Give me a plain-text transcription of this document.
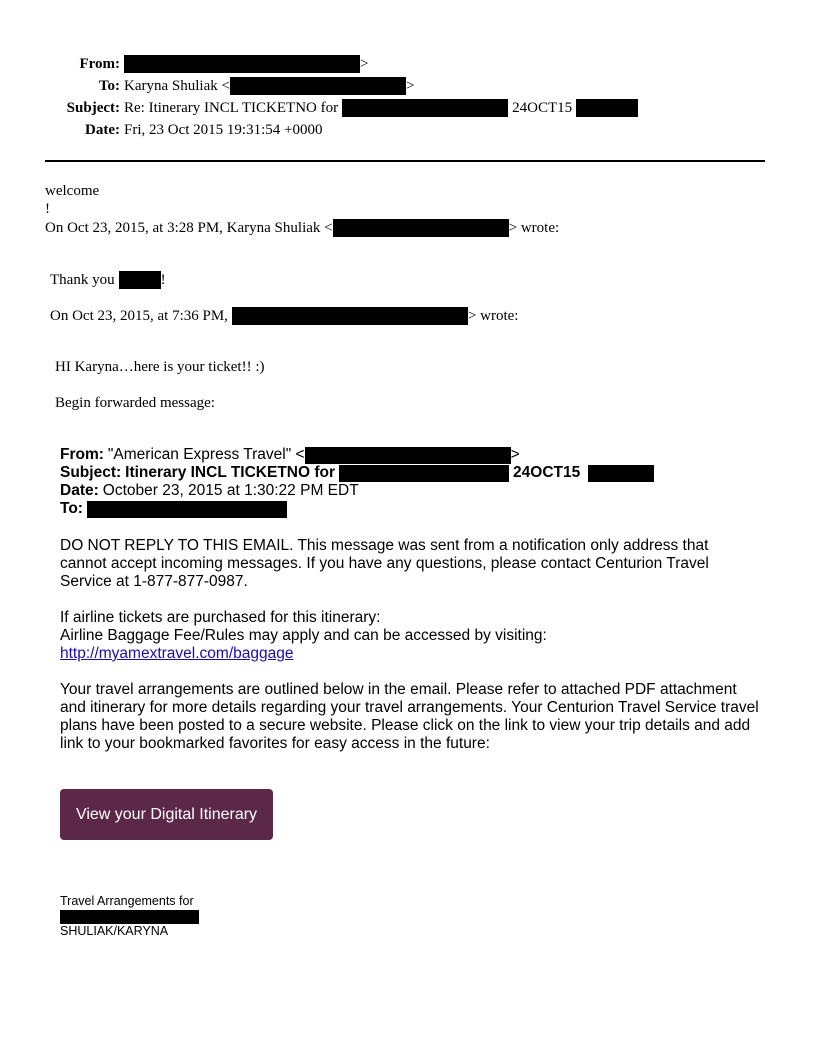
From:	>
To: Karyna Shuliak <	>
Subject: Re: Itinerary INCL TICKETNO for	24OCT15
Date: Fri, 23 Oct 2015 19:31:54 +0000
welcome
!
On Oct 23, 2015, at 3:28 PM, Karyna Shuliak <	> wrote:
Thank you	!
On Oct 23, 2015, at 7:36 PM,	> wrote:
HI Karyna…here is your ticket!! :)
Begin forwarded message:
From: "American Express Travel" <	>
Subject: Itinerary INCL TICKETNO for	24OCT15
Date: October 23, 2015 at 1:30:22 PM EDT
To:

DO NOT REPLY TO THIS EMAIL. This message was sent from a notification only address that cannot accept incoming messages. If you have any questions, please contact Centurion Travel Service at 1-877-877-0987.

If airline tickets are purchased for this itinerary:
Airline Baggage Fee/Rules may apply and can be accessed by visiting:
http://myamextravel.com/baggage

Your travel arrangements are outlined below in the email. Please refer to attached PDF attachment and itinerary for more details regarding your travel arrangements. Your Centurion Travel Service travel plans have been posted to a secure website. Please click on the link to view your trip details and add link to your bookmarked favorites for easy access in the future:

View your Digital Itinerary
Travel Arrangements for
SHULIAK/KARYNA
